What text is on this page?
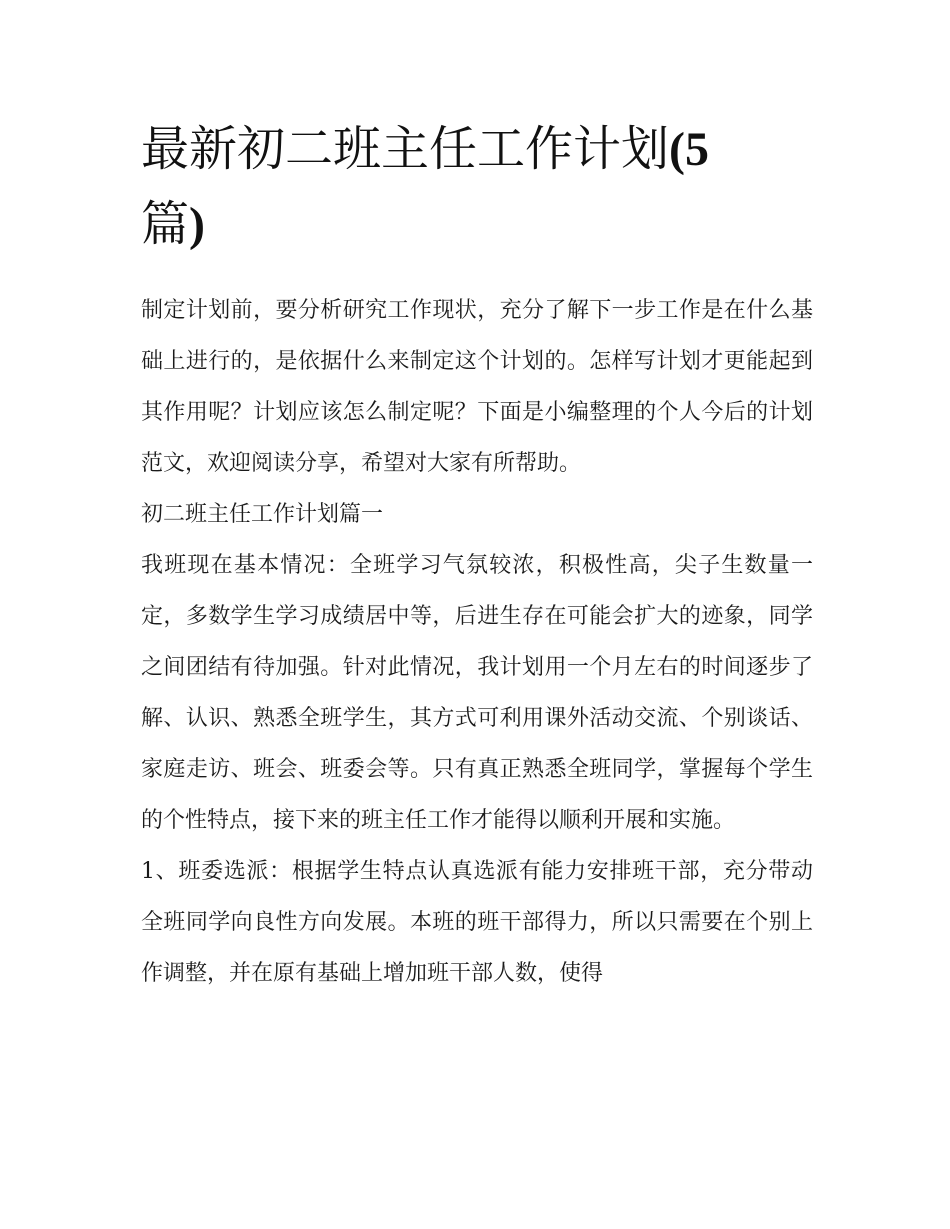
最新初二班主任工作计划(5
篇)

制定计划前，要分析研究工作现状，充分了解下一步工作是在什么基础上进行的，是依据什么来制定这个计划的。怎样写计划才更能起到其作用呢？计划应该怎么制定呢？下面是小编整理的个人今后的计划范文，欢迎阅读分享，希望对大家有所帮助。

初二班主任工作计划篇一

我班现在基本情况：全班学习气氛较浓，积极性高，尖子生数量一定，多数学生学习成绩居中等，后进生存在可能会扩大的迹象，同学之间团结有待加强。针对此情况，我计划用一个月左右的时间逐步了解、认识、熟悉全班学生，其方式可利用课外活动交流、个别谈话、家庭走访、班会、班委会等。只有真正熟悉全班同学，掌握每个学生的个性特点，接下来的班主任工作才能得以顺利开展和实施。

1、班委选派：根据学生特点认真选派有能力安排班干部，充分带动全班同学向良性方向发展。本班的班干部得力，所以只需要在个别上作调整，并在原有基础上增加班干部人数，使得
